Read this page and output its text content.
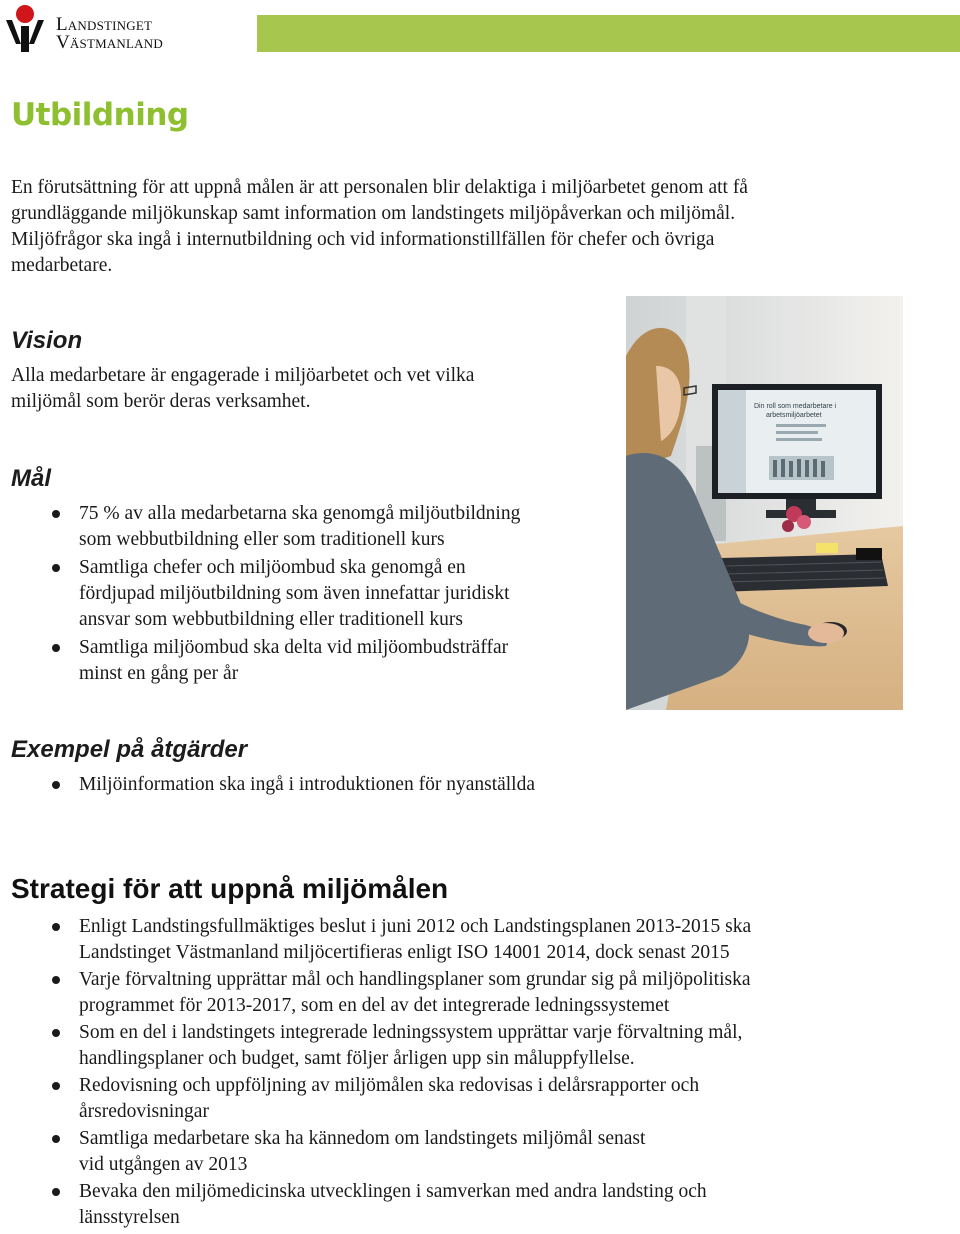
Landstinget
Västmanland
Utbildning
En förutsättning för att uppnå målen är att personalen blir delaktiga i miljöarbetet genom att få
grundläggande miljökunskap samt information om landstingets miljöpåverkan och miljömål.
Miljöfrågor ska ingå i internutbildning och vid informationstillfällen för chefer och övriga
medarbetare.
Vision
Alla medarbetare är engagerade i miljöarbetet och vet vilka
miljömål som berör deras verksamhet.
Mål
75 % av alla medarbetarna ska genomgå miljöutbildning
som webbutbildning eller som traditionell kurs
Samtliga chefer och miljöombud ska genomgå en
fördjupad miljöutbildning som även innefattar juridiskt
ansvar som webbutbildning eller traditionell kurs
Samtliga miljöombud ska delta vid miljöombudsträffar
minst en gång per år
Din roll som medarbetare i
arbetsmiljöarbetet
Exempel på åtgärder
Miljöinformation ska ingå i introduktionen för nyanställda
Strategi för att uppnå miljömålen
Enligt Landstingsfullmäktiges beslut i juni 2012 och Landstingsplanen 2013-2015 ska
Landstinget Västmanland miljöcertifieras enligt ISO 14001 2014, dock senast 2015
Varje förvaltning upprättar mål och handlingsplaner som grundar sig på miljöpolitiska
programmet för 2013-2017, som en del av det integrerade ledningssystemet
Som en del i landstingets integrerade ledningssystem upprättar varje förvaltning mål,
handlingsplaner och budget, samt följer årligen upp sin måluppfyllelse.
Redovisning och uppföljning av miljömålen ska redovisas i delårsrapporter och
årsredovisningar
Samtliga medarbetare ska ha kännedom om landstingets miljömål senast
vid utgången av 2013
Bevaka den miljömedicinska utvecklingen i samverkan med andra landsting och
länsstyrelsen
